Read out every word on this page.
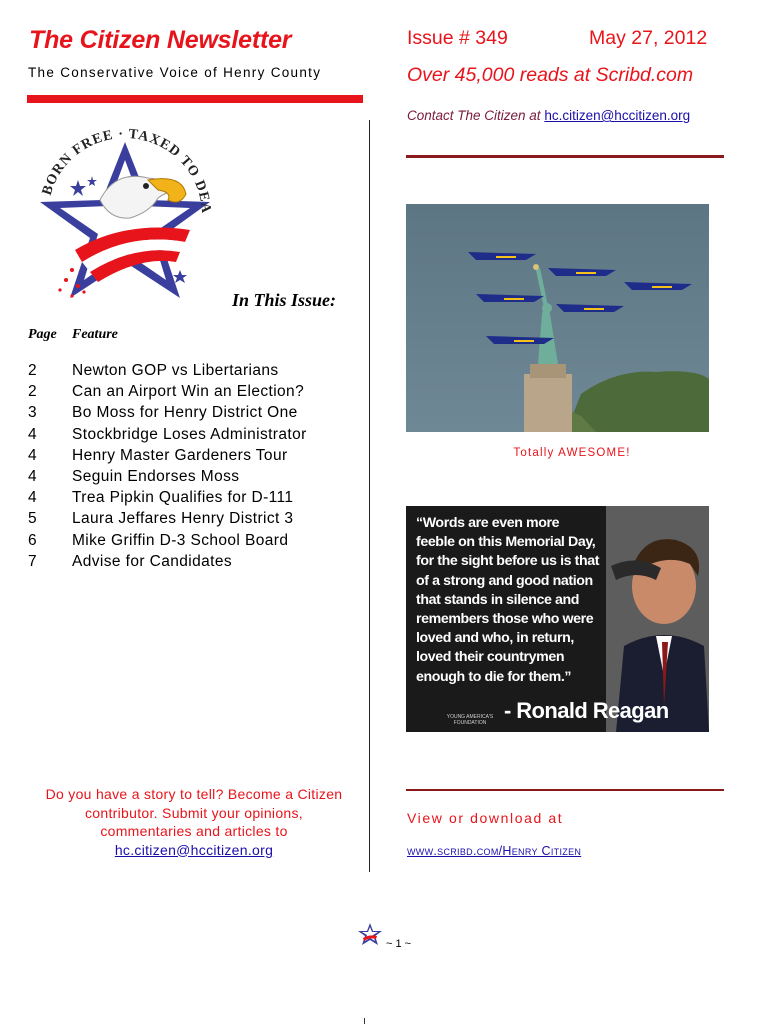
The Citizen Newsletter
The Conservative Voice of Henry County
Issue # 349	May 27, 2012
Over 45,000 reads at Scribd.com
Contact The Citizen at hc.citizen@hccitizen.org
BORN FREE · TAXED TO DEA
In This Issue:
Page Feature
2	Newton GOP vs Libertarians
2	Can an Airport Win an Election?
3	Bo Moss for Henry District One
4	Stockbridge Loses Administrator
4	Henry Master Gardeners Tour
4	Seguin Endorses Moss
4	Trea Pipkin Qualifies for D-111
5	Laura Jeffares Henry District 3
6	Mike Griffin D-3 School Board
7	Advise for Candidates
Totally AWESOME!
“Words are even more
feeble on this Memorial Day,
for the sight before us is that
of a strong and good nation
that stands in silence and
remembers those who were
loved and who, in return,
loved their countrymen
enough to die for them.”
- Ronald Reagan
YOUNG AMERICA'S FOUNDATION
Do you have a story to tell? Become a Citizen
contributor. Submit your opinions,
commentaries and articles to
hc.citizen@hccitizen.org
View or download at
www.scribd.com/Henry Citizen
~ 1 ~
